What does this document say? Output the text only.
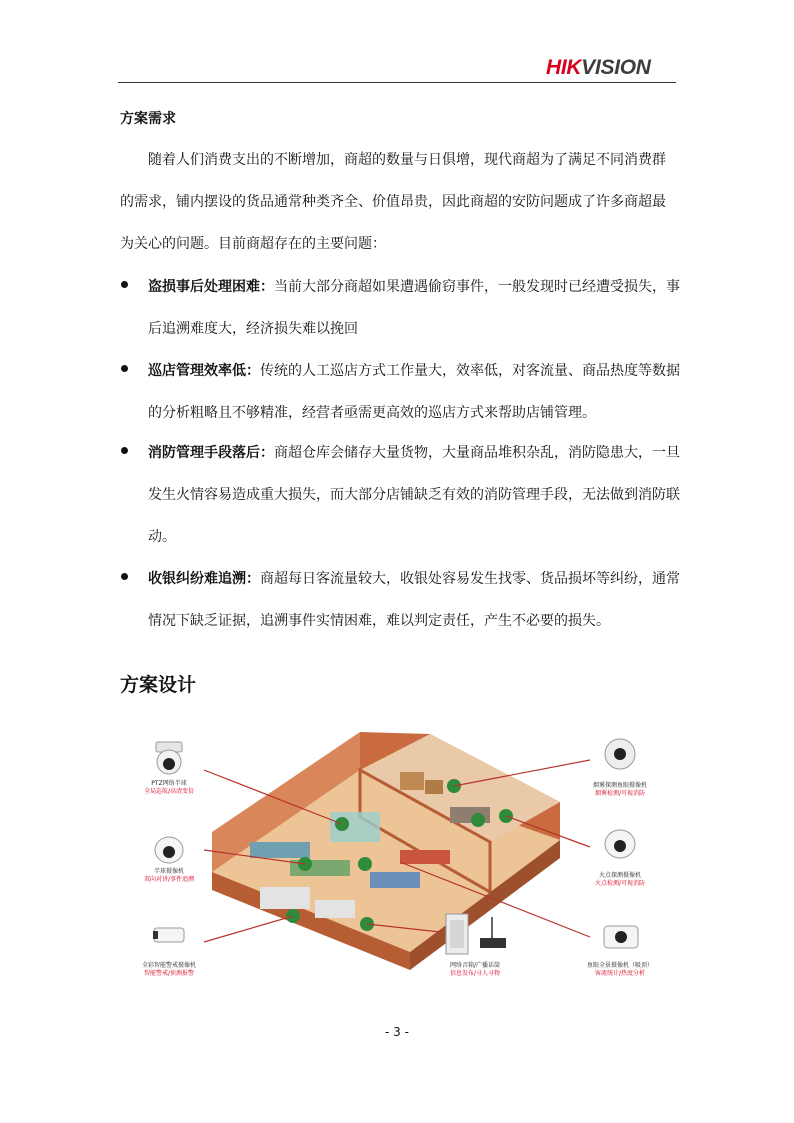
HIKVISION
方案需求
随着人们消费支出的不断增加，商超的数量与日俱增，现代商超为了满足不同消费群
的需求，铺内摆设的货品通常种类齐全、价值昂贵，因此商超的安防问题成了许多商超最
为关心的问题。目前商超存在的主要问题：
盗损事后处理困难：当前大部分商超如果遭遇偷窃事件，一般发现时已经遭受损失，事
后追溯难度大，经济损失难以挽回
巡店管理效率低：传统的人工巡店方式工作量大，效率低，对客流量、商品热度等数据
的分析粗略且不够精准，经营者亟需更高效的巡店方式来帮助店铺管理。
消防管理手段落后：商超仓库会储存大量货物，大量商品堆积杂乱，消防隐患大，一旦
发生火情容易造成重大损失，而大部分店铺缺乏有效的消防管理手段，无法做到消防联
动。
收银纠纷难追溯：商超每日客流量较大，收银处容易发生找零、货品损坏等纠纷，通常
情况下缺乏证据，追溯事件实情困难，难以判定责任，产生不必要的损失。
方案设计
PTZ网络半球
全局巡航/高清变倍
半球摄像机
双向对讲/事件追溯
全彩智能警戒摄像机
智能警戒/侦测报警
网络音箱/广播话筒
信息发布/寻人寻物
烟雾探测鱼眼摄像机
烟雾检测/可视消防
火点探测摄像机
火点检测/可视消防
鱼眼全景摄像机（吸顶）
客流统计/热度分析
- 3 -
